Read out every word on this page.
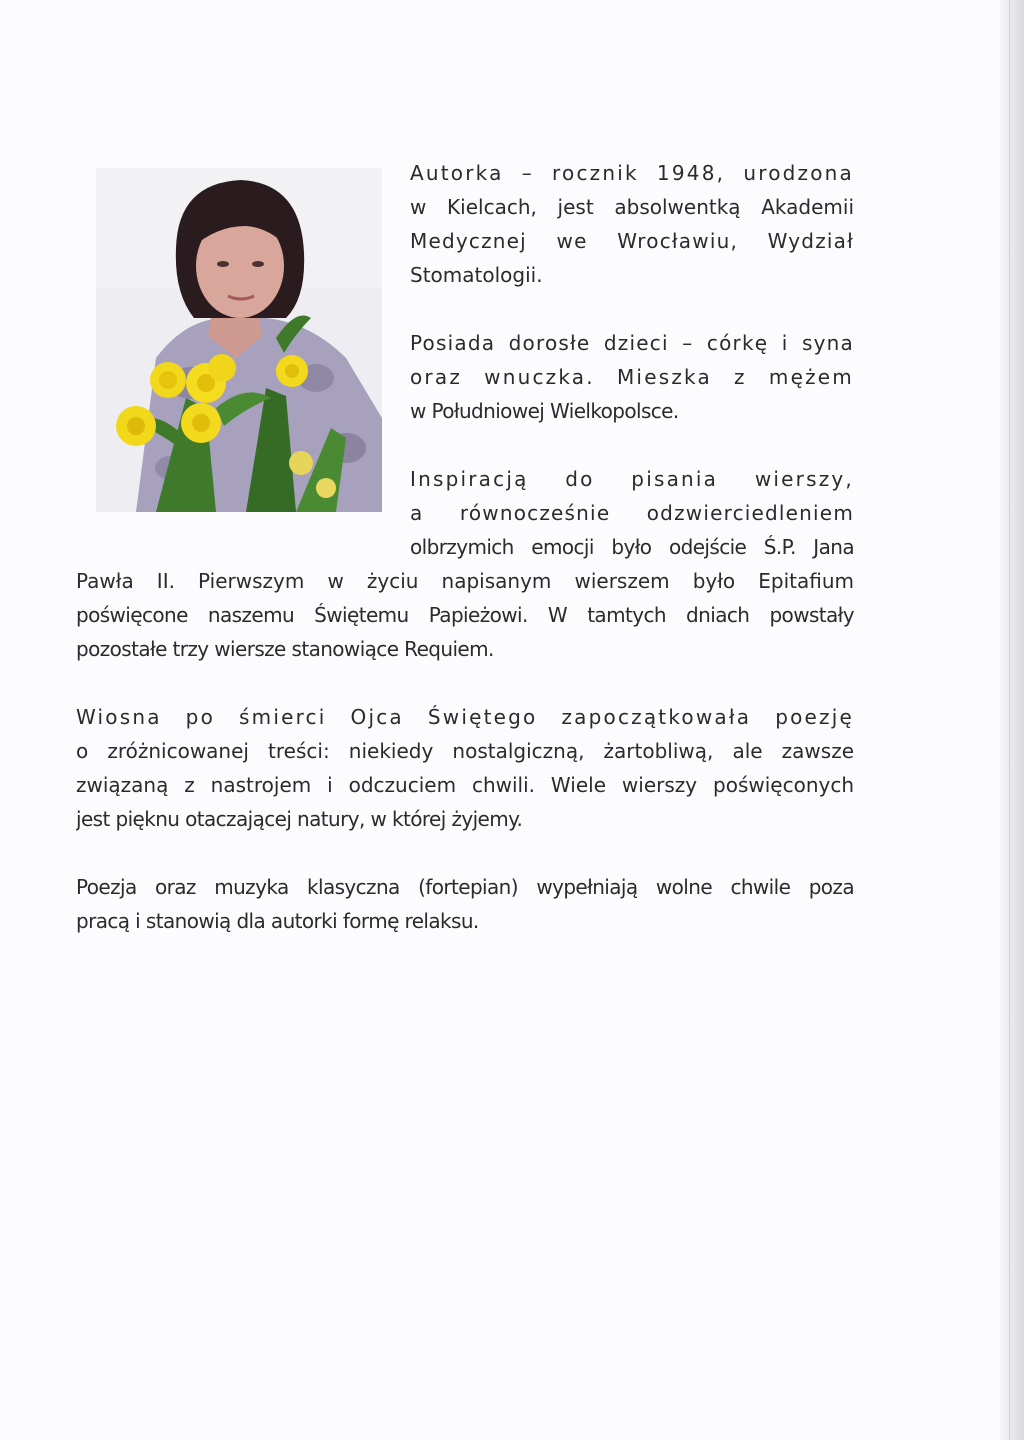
Autorka – rocznik 1948, urodzona
w Kielcach, jest absolwentką Akademii
Medycznej we Wrocławiu, Wydział
Stomatologii.
Posiada dorosłe dzieci – córkę i syna
oraz wnuczka. Mieszka z mężem
w Południowej Wielkopolsce.
Inspiracją do pisania wierszy,
a równocześnie odzwierciedleniem
olbrzymich emocji było odejście Ś.P. Jana
Pawła II. Pierwszym w życiu napisanym wierszem było Epitafium
poświęcone naszemu Świętemu Papieżowi. W tamtych dniach powstały
pozostałe trzy wiersze stanowiące Requiem.
Wiosna po śmierci Ojca Świętego zapoczątkowała poezję
o zróżnicowanej treści: niekiedy nostalgiczną, żartobliwą, ale zawsze
związaną z nastrojem i odczuciem chwili. Wiele wierszy poświęconych
jest pięknu otaczającej natury, w której żyjemy.
Poezja oraz muzyka klasyczna (fortepian) wypełniają wolne chwile poza
pracą i stanowią dla autorki formę relaksu.
